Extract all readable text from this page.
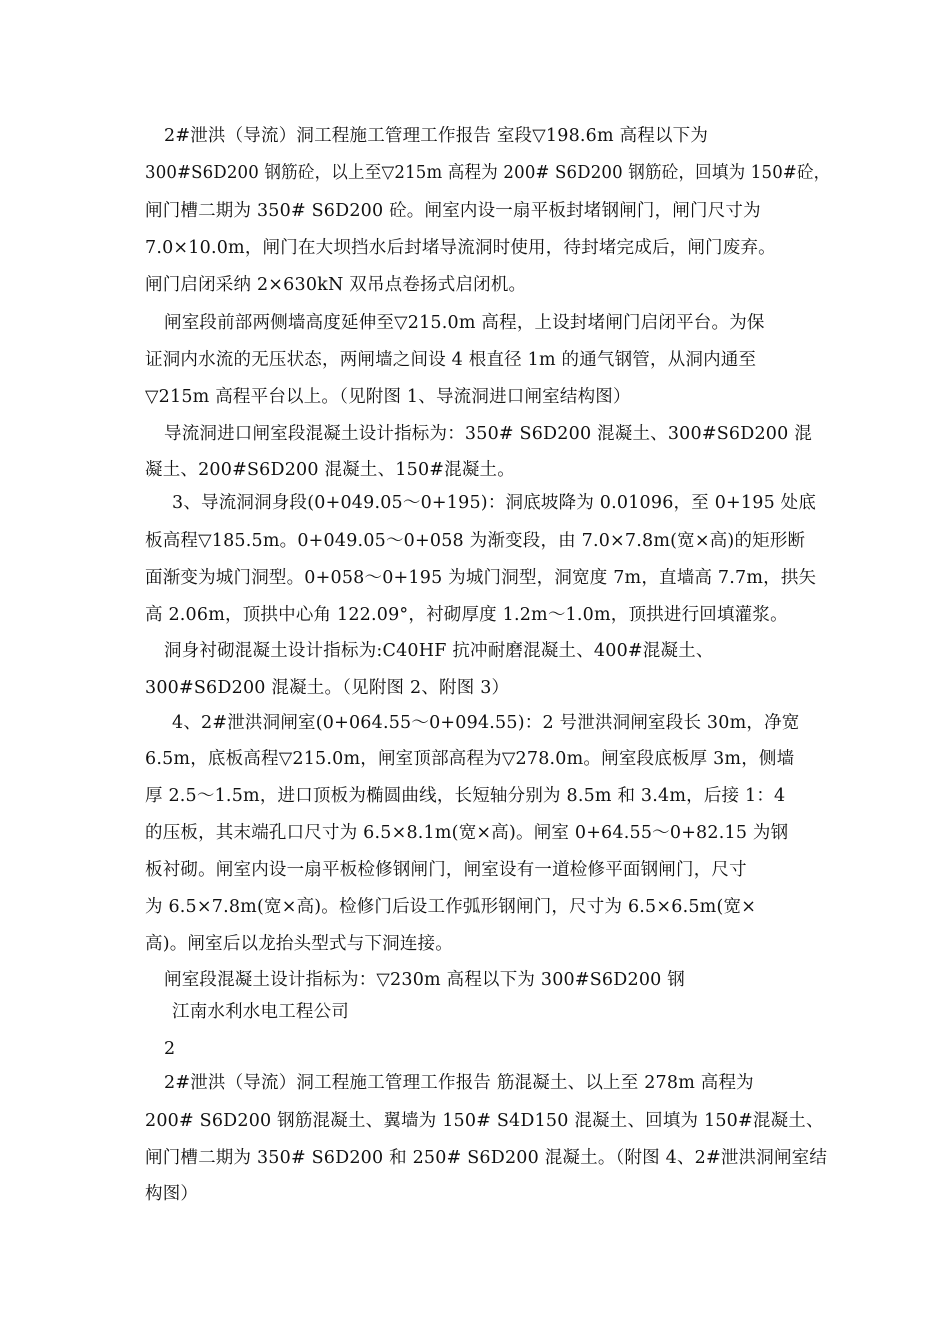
2#泄洪（导流）洞工程施工管理工作报告 室段▽198.6m 高程以下为
300#S6D200 钢筋砼，以上至▽215m 高程为 200# S6D200 钢筋砼，回填为 150#砼，
闸门槽二期为 350# S6D200 砼。闸室内设一扇平板封堵钢闸门，闸门尺寸为
7.0×10.0m，闸门在大坝挡水后封堵导流洞时使用，待封堵完成后，闸门废弃。
闸门启闭采纳 2×630kN 双吊点卷扬式启闭机。
闸室段前部两侧墙高度延伸至▽215.0m 高程，上设封堵闸门启闭平台。为保
证洞内水流的无压状态，两闸墙之间设 4 根直径 1m 的通气钢管，从洞内通至
▽215m 高程平台以上。（见附图 1、导流洞进口闸室结构图）
导流洞进口闸室段混凝土设计指标为：350# S6D200 混凝土、300#S6D200 混
凝土、200#S6D200 混凝土、150#混凝土。
3、导流洞洞身段(0+049.05～0+195)：洞底坡降为 0.01096，至 0+195 处底
板高程▽185.5m。0+049.05～0+058 为渐变段，由 7.0×7.8m(宽×高)的矩形断
面渐变为城门洞型。0+058～0+195 为城门洞型，洞宽度 7m，直墙高 7.7m，拱矢
高 2.06m，顶拱中心角 122.09°，衬砌厚度 1.2m～1.0m，顶拱进行回填灌浆。
洞身衬砌混凝土设计指标为:C40HF 抗冲耐磨混凝土、400#混凝土、
300#S6D200 混凝土。（见附图 2、附图 3）
4、2#泄洪洞闸室(0+064.55～0+094.55)：2 号泄洪洞闸室段长 30m，净宽
6.5m，底板高程▽215.0m，闸室顶部高程为▽278.0m。闸室段底板厚 3m，侧墙
厚 2.5～1.5m，进口顶板为椭圆曲线，长短轴分别为 8.5m 和 3.4m，后接 1：4
的压板，其末端孔口尺寸为 6.5×8.1m(宽×高)。闸室 0+64.55～0+82.15 为钢
板衬砌。闸室内设一扇平板检修钢闸门，闸室设有一道检修平面钢闸门，尺寸
为 6.5×7.8m(宽×高)。检修门后设工作弧形钢闸门，尺寸为 6.5×6.5m(宽×
高)。闸室后以龙抬头型式与下洞连接。
闸室段混凝土设计指标为：▽230m 高程以下为 300#S6D200 钢
江南水利水电工程公司
2
2#泄洪（导流）洞工程施工管理工作报告 筋混凝土、以上至 278m 高程为
200# S6D200 钢筋混凝土、翼墙为 150# S4D150 混凝土、回填为 150#混凝土、
闸门槽二期为 350# S6D200 和 250# S6D200 混凝土。（附图 4、2#泄洪洞闸室结
构图）
